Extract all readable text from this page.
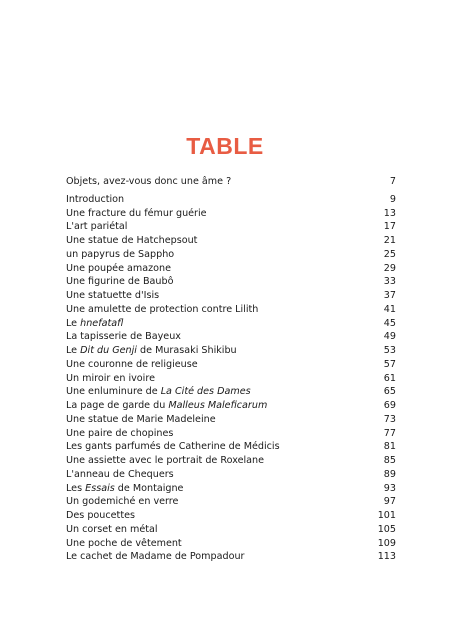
TABLE
Objets, avez-vous donc une âme ?	7
Introduction	9
Une fracture du fémur guérie	13
L'art pariétal	17
Une statue de Hatchepsout	21
un papyrus de Sappho	25
Une poupée amazone	29
Une figurine de Baubô	33
Une statuette d'Isis	37
Une amulette de protection contre Lilith	41
Le hnefatafl	45
La tapisserie de Bayeux	49
Le Dit du Genji de Murasaki Shikibu	53
Une couronne de religieuse	57
Un miroir en ivoire	61
Une enluminure de La Cité des Dames	65
La page de garde du Malleus Maleficarum	69
Une statue de Marie Madeleine	73
Une paire de chopines	77
Les gants parfumés de Catherine de Médicis	81
Une assiette avec le portrait de Roxelane	85
L'anneau de Chequers	89
Les Essais de Montaigne	93
Un godemiché en verre	97
Des poucettes	101
Un corset en métal	105
Une poche de vêtement	109
Le cachet de Madame de Pompadour	113
